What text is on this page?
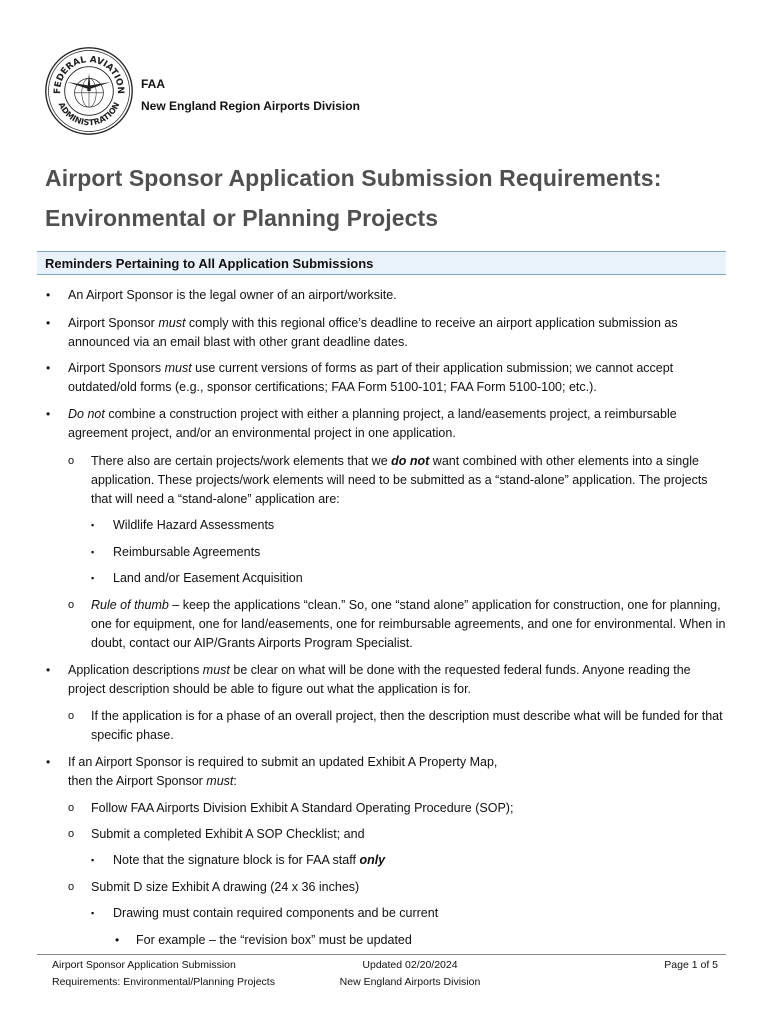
FEDERAL AVIATION
ADMINISTRATION
FAA
New England Region Airports Division
Airport Sponsor Application Submission Requirements:
Environmental or Planning Projects
Reminders Pertaining to All Application Submissions
• An Airport Sponsor is the legal owner of an airport/worksite.
• Airport Sponsor must comply with this regional office’s deadline to receive an airport application submission as announced via an email blast with other grant deadline dates.
• Airport Sponsors must use current versions of forms as part of their application submission; we cannot accept outdated/old forms (e.g., sponsor certifications; FAA Form 5100-101; FAA Form 5100-100; etc.).
• Do not combine a construction project with either a planning project, a land/easements project, a reimbursable agreement project, and/or an environmental project in one application.
o There also are certain projects/work elements that we do not want combined with other elements into a single application. These projects/work elements will need to be submitted as a “stand-alone” application. The projects that will need a “stand-alone” application are:
▪ Wildlife Hazard Assessments
▪ Reimbursable Agreements
▪ Land and/or Easement Acquisition
o Rule of thumb – keep the applications “clean.” So, one “stand alone” application for construction, one for planning, one for equipment, one for land/easements, one for reimbursable agreements, and one for environmental. When in doubt, contact our AIP/Grants Airports Program Specialist.
• Application descriptions must be clear on what will be done with the requested federal funds. Anyone reading the project description should be able to figure out what the application is for.
o If the application is for a phase of an overall project, then the description must describe what will be funded for that specific phase.
• If an Airport Sponsor is required to submit an updated Exhibit A Property Map,
then the Airport Sponsor must:
o Follow FAA Airports Division Exhibit A Standard Operating Procedure (SOP);
o Submit a completed Exhibit A SOP Checklist; and
▪ Note that the signature block is for FAA staff only
o Submit D size Exhibit A drawing (24 x 36 inches)
▪ Drawing must contain required components and be current
• For example – the “revision box” must be updated
Airport Sponsor Application Submission
Requirements: Environmental/Planning Projects
Updated 02/20/2024
New England Airports Division
Page 1 of 5
